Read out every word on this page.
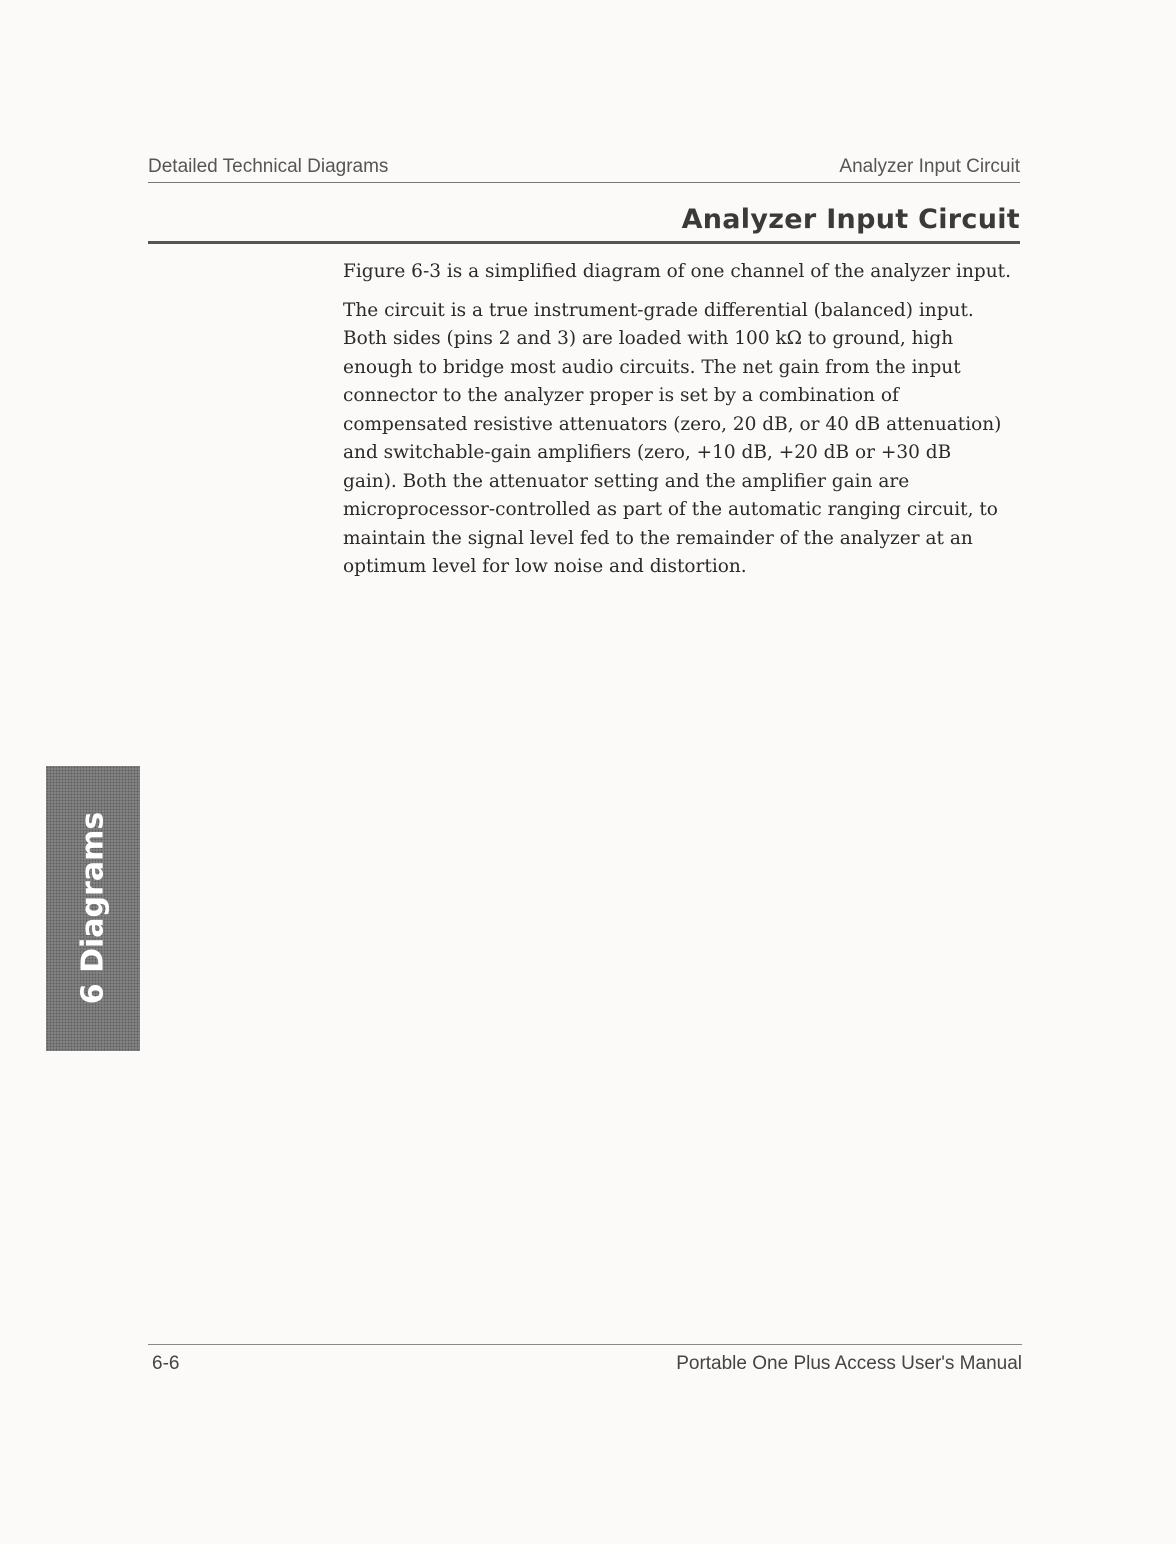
Detailed Technical Diagrams	Analyzer Input Circuit
Analyzer Input Circuit

Figure 6-3 is a simplified diagram of one channel of the analyzer input.

The circuit is a true instrument-grade differential (balanced) input.
Both sides (pins 2 and 3) are loaded with 100 kΩ to ground, high
enough to bridge most audio circuits. The net gain from the input
connector to the analyzer proper is set by a combination of
compensated resistive attenuators (zero, 20 dB, or 40 dB attenuation)
and switchable-gain amplifiers (zero, +10 dB, +20 dB or +30 dB
gain). Both the attenuator setting and the amplifier gain are
microprocessor-controlled as part of the automatic ranging circuit, to
maintain the signal level fed to the remainder of the analyzer at an
optimum level for low noise and distortion.

6 Diagrams
6-6	Portable One Plus Access User's Manual
